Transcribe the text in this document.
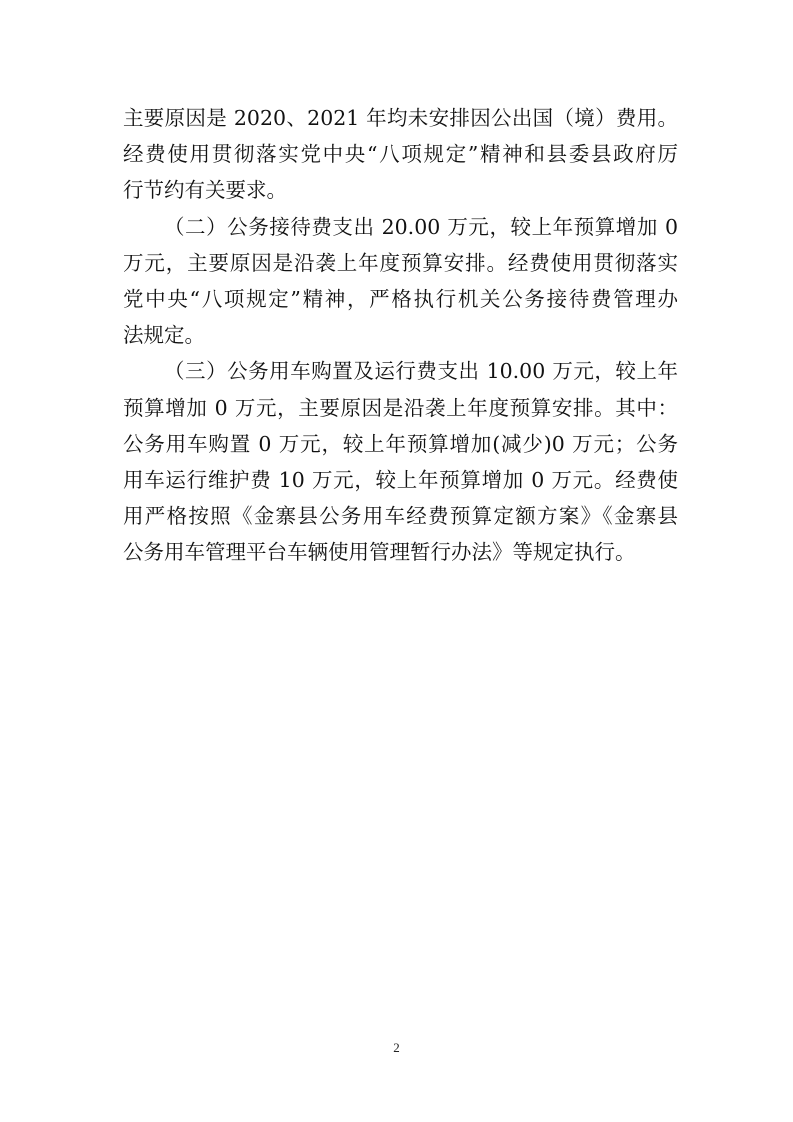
主要原因是 2020、2021 年均未安排因公出国（境）费用。
经费使用贯彻落实党中央“八项规定”精神和县委县政府厉
行节约有关要求。
（二）公务接待费支出 20.00 万元，较上年预算增加 0
万元，主要原因是沿袭上年度预算安排。经费使用贯彻落实
党中央“八项规定”精神，严格执行机关公务接待费管理办
法规定。
（三）公务用车购置及运行费支出 10.00 万元，较上年
预算增加 0 万元，主要原因是沿袭上年度预算安排。其中：
公务用车购置 0 万元，较上年预算增加(减少)0 万元；公务
用车运行维护费 10 万元，较上年预算增加 0 万元。经费使
用严格按照《金寨县公务用车经费预算定额方案》《金寨县
公务用车管理平台车辆使用管理暂行办法》等规定执行。
2
